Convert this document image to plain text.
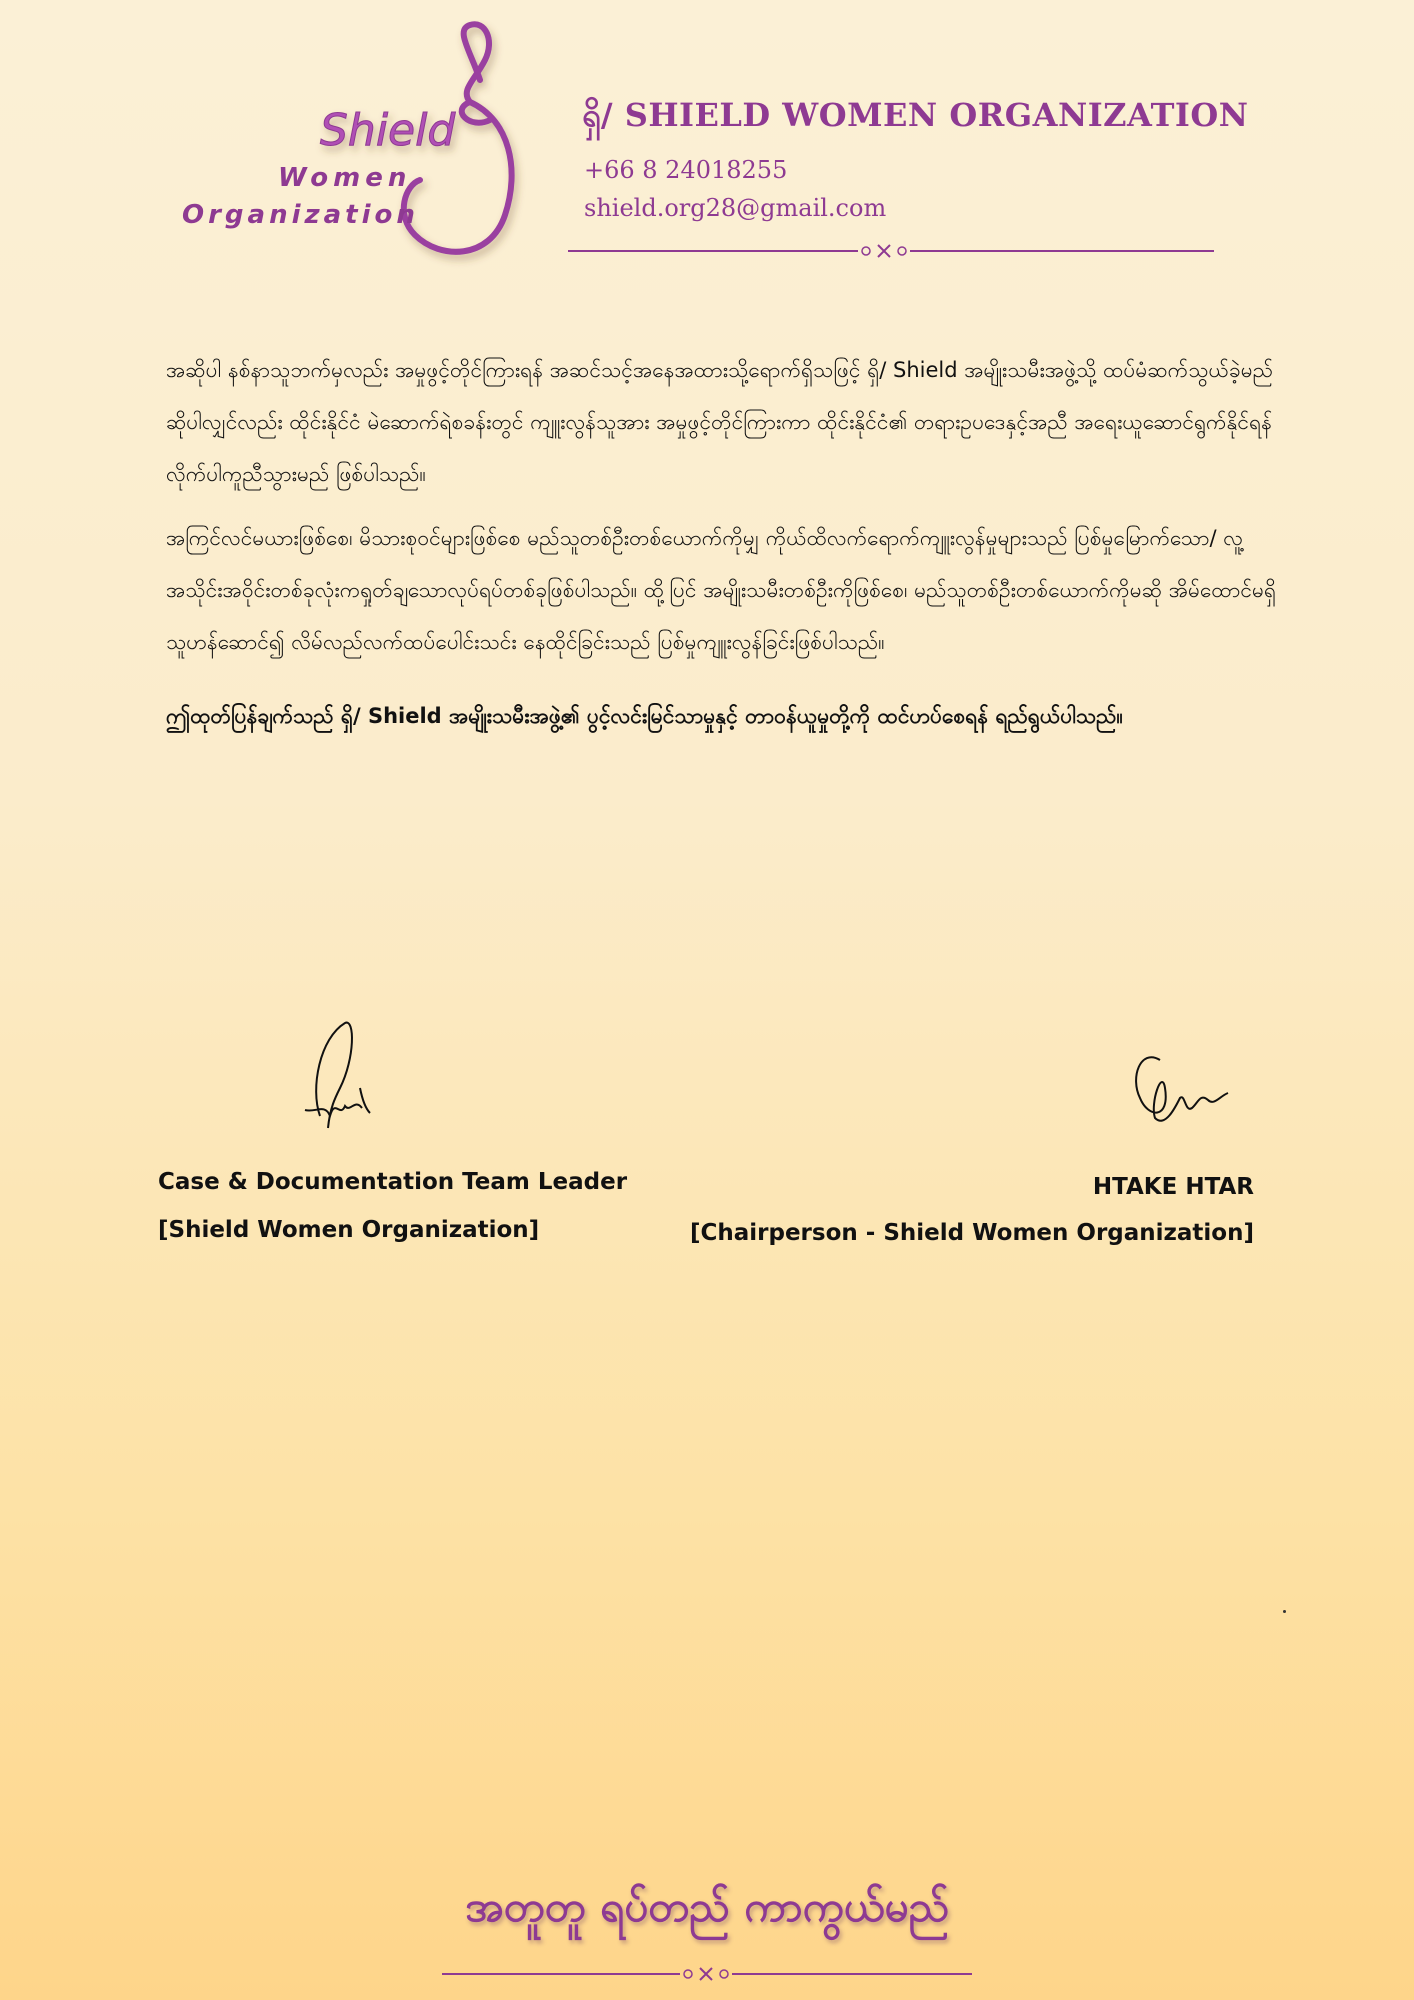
Shield
Women
Organization
ရှိ/ SHIELD WOMEN ORGANIZATION
+66 8 24018255
shield.org28@gmail.com

အဆိုပါ နစ်နာသူဘက်မှလည်း အမှုဖွင့်တိုင်ကြားရန် အဆင်သင့်အနေအထားသို့ရောက်ရှိသဖြင့် ရှိ/ Shield အမျိုးသမီးအဖွဲ့သို့ ထပ်မံဆက်သွယ်ခဲ့မည်ဆိုပါလျှင်လည်း ထိုင်းနိုင်ငံ မဲဆောက်ရဲစခန်းတွင် ကျူးလွန်သူအား အမှုဖွင့်တိုင်ကြားကာ ထိုင်းနိုင်ငံ၏ တရားဥပဒေနှင့်အညီ အရေးယူဆောင်ရွက်နိုင်ရန် လိုက်ပါကူညီသွားမည် ဖြစ်ပါသည်။

အကြင်လင်မယားဖြစ်စေ၊ မိသားစုဝင်များဖြစ်စေ မည်သူတစ်ဦးတစ်ယောက်ကိုမျှ ကိုယ်ထိလက်ရောက်ကျူးလွန်မှုများသည် ပြစ်မှုမြောက်သော/ လူ့အသိုင်းအဝိုင်းတစ်ခုလုံးကရှုတ်ချသောလုပ်ရပ်တစ်ခုဖြစ်ပါသည်။ ထို့ပြင် အမျိုးသမီးတစ်ဦးကိုဖြစ်စေ၊ မည်သူတစ်ဦးတစ်ယောက်ကိုမဆို အိမ်ထောင်မရှိသူဟန်ဆောင်၍ လိမ်လည်လက်ထပ်ပေါင်းသင်း နေထိုင်ခြင်းသည် ပြစ်မှုကျူးလွန်ခြင်းဖြစ်ပါသည်။

ဤထုတ်ပြန်ချက်သည် ရှိ/ Shield အမျိုးသမီးအဖွဲ့၏ ပွင့်လင်းမြင်သာမှုနှင့် တာဝန်ယူမှုတို့ကို ထင်ဟပ်စေရန် ရည်ရွယ်ပါသည်။

Case & Documentation Team Leader
[Shield Women Organization]
HTAKE HTAR
[Chairperson - Shield Women Organization]
အတူတူ ရပ်တည် ကာကွယ်မည်
